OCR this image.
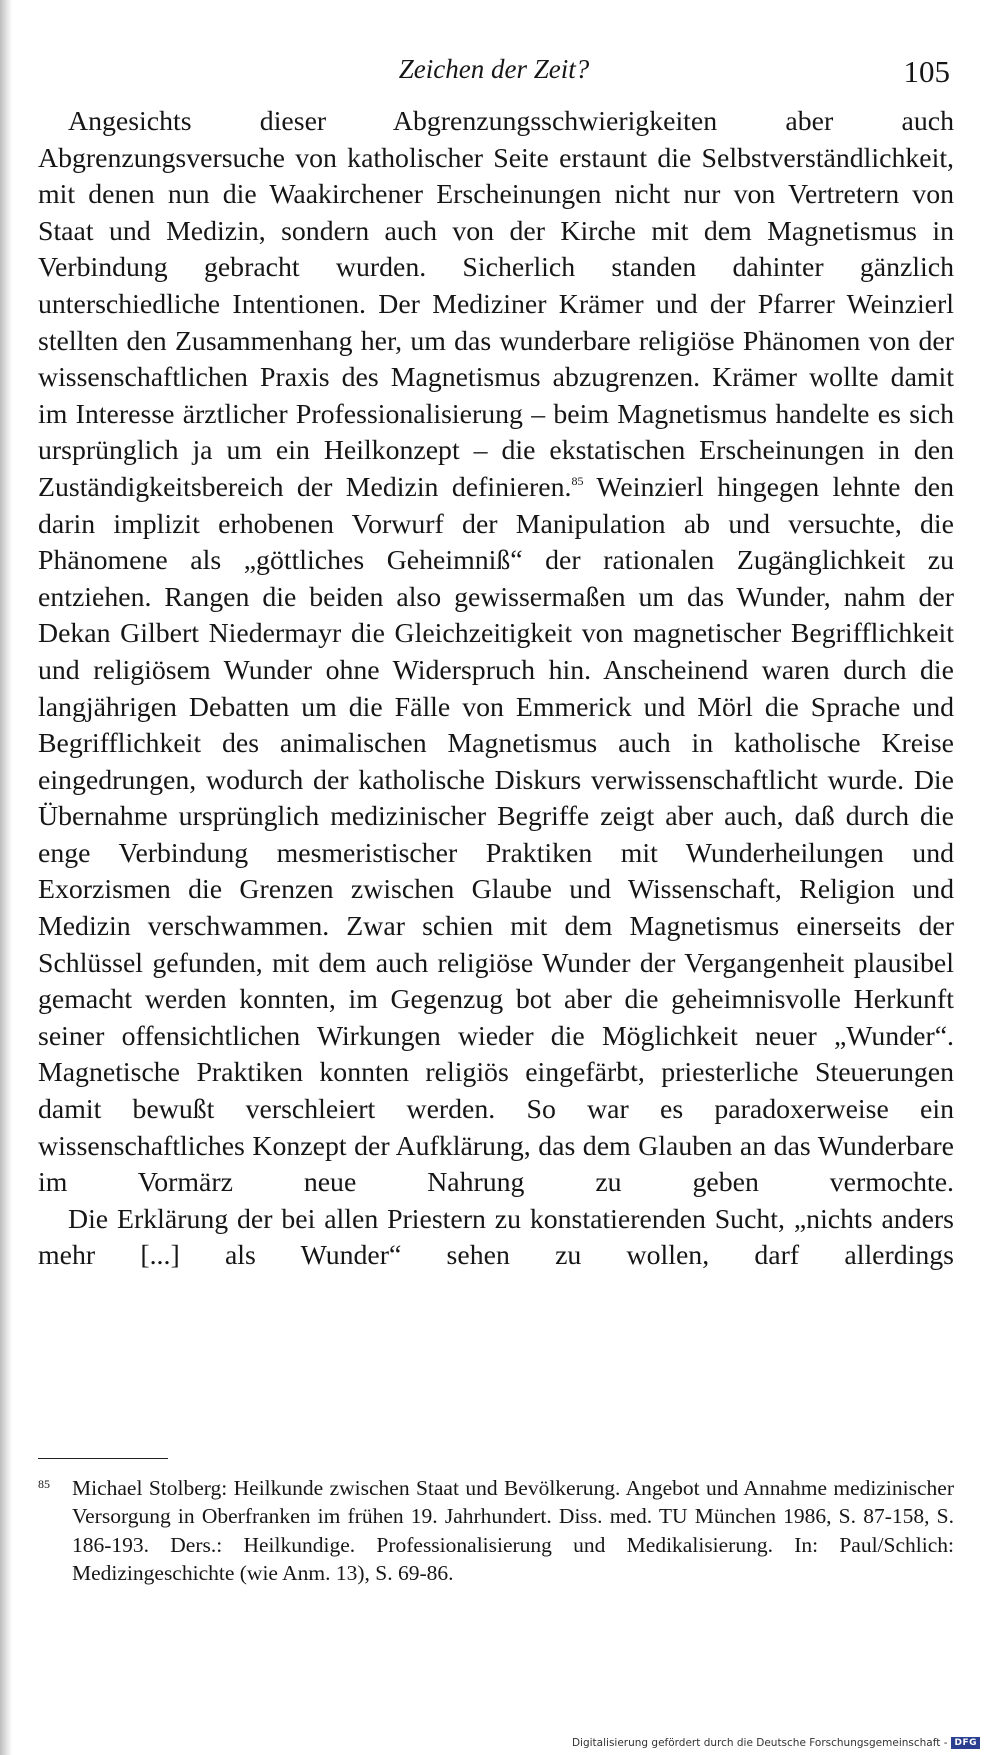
Zeichen der Zeit?	105

Angesichts dieser Abgrenzungsschwierigkeiten aber auch Abgrenzungsversuche von katholischer Seite erstaunt die Selbstverständlichkeit, mit denen nun die Waakirchener Erscheinungen nicht nur von Vertretern von Staat und Medizin, sondern auch von der Kirche mit dem Magnetismus in Verbindung gebracht wurden. Sicherlich standen dahinter gänzlich unterschiedliche Intentionen. Der Mediziner Krämer und der Pfarrer Weinzierl stellten den Zusammenhang her, um das wunderbare religiöse Phänomen von der wissenschaftlichen Praxis des Magnetismus abzugrenzen. Krämer wollte damit im Interesse ärztlicher Professionalisierung – beim Magnetismus handelte es sich ursprünglich ja um ein Heilkonzept – die ekstatischen Erscheinungen in den Zuständigkeitsbereich der Medizin definieren.$^{85}$ Weinzierl hingegen lehnte den darin implizit erhobenen Vorwurf der Manipulation ab und versuchte, die Phänomene als „göttliches Geheimniß“ der rationalen Zugänglichkeit zu entziehen. Rangen die beiden also gewissermaßen um das Wunder, nahm der Dekan Gilbert Niedermayr die Gleichzeitigkeit von magnetischer Begrifflichkeit und religiösem Wunder ohne Widerspruch hin. Anscheinend waren durch die langjährigen Debatten um die Fälle von Emmerick und Mörl die Sprache und Begrifflichkeit des animalischen Magnetismus auch in katholische Kreise eingedrungen, wodurch der katholische Diskurs verwissenschaftlicht wurde. Die Übernahme ursprünglich medizinischer Begriffe zeigt aber auch, daß durch die enge Verbindung mesmeristischer Praktiken mit Wunderheilungen und Exorzismen die Grenzen zwischen Glaube und Wissenschaft, Religion und Medizin verschwammen. Zwar schien mit dem Magnetismus einerseits der Schlüssel gefunden, mit dem auch religiöse Wunder der Vergangenheit plausibel gemacht werden konnten, im Gegenzug bot aber die geheimnisvolle Herkunft seiner offensichtlichen Wirkungen wieder die Möglichkeit neuer „Wunder“. Magnetische Praktiken konnten religiös eingefärbt, priesterliche Steuerungen damit bewußt verschleiert werden. So war es paradoxerweise ein wissenschaftliches Konzept der Aufklärung, das dem Glauben an das Wunderbare im Vormärz neue Nahrung zu geben vermochte.

Die Erklärung der bei allen Priestern zu konstatierenden Sucht, „nichts anders mehr [...] als Wunder“ sehen zu wollen, darf allerdings

85 Michael Stolberg: Heilkunde zwischen Staat und Bevölkerung. Angebot und Annahme medizinischer Versorgung in Oberfranken im frühen 19. Jahrhundert. Diss. med. TU München 1986, S. 87-158, S. 186-193. Ders.: Heilkundige. Professionalisierung und Medikalisierung. In: Paul/Schlich: Medizingeschichte (wie Anm. 13), S. 69-86.
Digitalisierung gefördert durch die Deutsche Forschungsgemeinschaft - DFG
